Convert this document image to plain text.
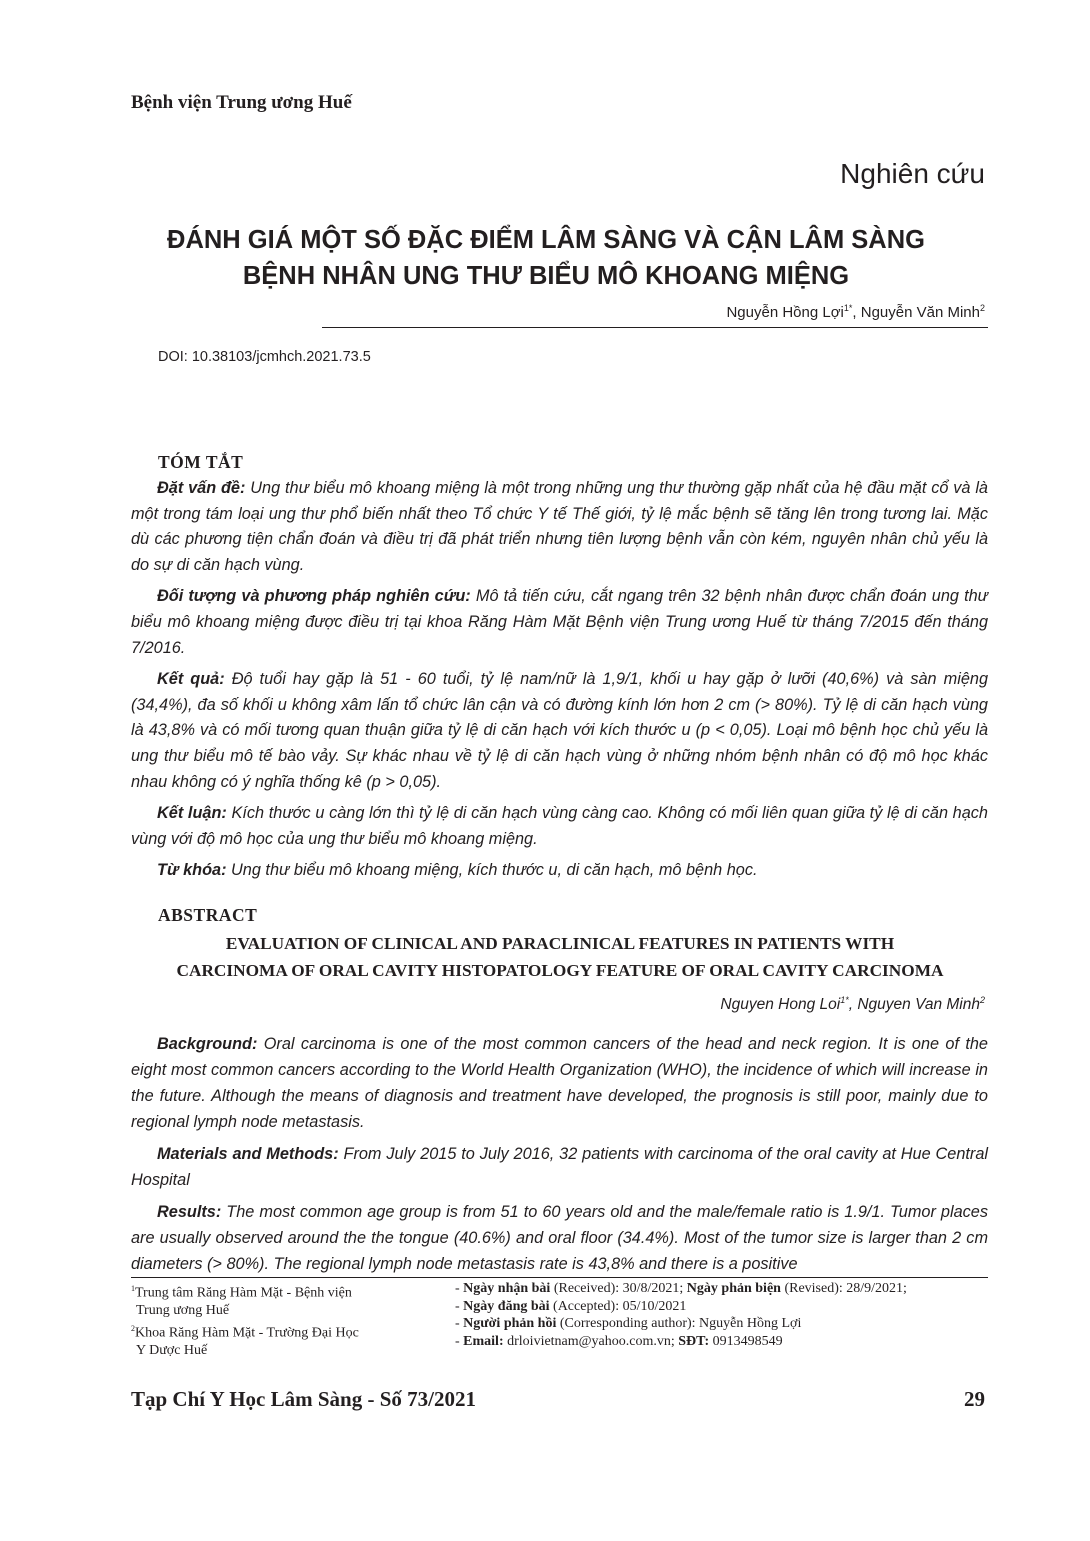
Bệnh viện Trung ương Huế
Nghiên cứu
ĐÁNH GIÁ MỘT SỐ ĐẶC ĐIỂM LÂM SÀNG VÀ CẬN LÂM SÀNG
BỆNH NHÂN UNG THƯ BIỂU MÔ KHOANG MIỆNG
Nguyễn Hồng Lợi$^{1*}$, Nguyễn Văn Minh$^2$
DOI: 10.38103/jcmhch.2021.73.5
TÓM TẮT

Đặt vấn đề: Ung thư biểu mô khoang miệng là một trong những ung thư thường gặp nhất của hệ đầu mặt cổ và là một trong tám loại ung thư phổ biến nhất theo Tổ chức Y tế Thế giới, tỷ lệ mắc bệnh sẽ tăng lên trong tương lai. Mặc dù các phương tiện chẩn đoán và điều trị đã phát triển nhưng tiên lượng bệnh vẫn còn kém, nguyên nhân chủ yếu là do sự di căn hạch vùng.

Đối tượng và phương pháp nghiên cứu: Mô tả tiến cứu, cắt ngang trên 32 bệnh nhân được chẩn đoán ung thư biểu mô khoang miệng được điều trị tại khoa Răng Hàm Mặt Bệnh viện Trung ương Huế từ tháng 7/2015 đến tháng 7/2016.

Kết quả: Độ tuổi hay gặp là 51 - 60 tuổi, tỷ lệ nam/nữ là 1,9/1, khối u hay gặp ở lưỡi (40,6%) và sàn miệng (34,4%), đa số khối u không xâm lấn tổ chức lân cận và có đường kính lớn hơn 2 cm (> 80%). Tỷ lệ di căn hạch vùng là 43,8% và có mối tương quan thuận giữa tỷ lệ di căn hạch với kích thước u (p < 0,05). Loại mô bệnh học chủ yếu là ung thư biểu mô tế bào vảy. Sự khác nhau về tỷ lệ di căn hạch vùng ở những nhóm bệnh nhân có độ mô học khác nhau không có ý nghĩa thống kê (p > 0,05).

Kết luận: Kích thước u càng lớn thì tỷ lệ di căn hạch vùng càng cao. Không có mối liên quan giữa tỷ lệ di căn hạch vùng với độ mô học của ung thư biểu mô khoang miệng.

Từ khóa: Ung thư biểu mô khoang miệng, kích thước u, di căn hạch, mô bệnh học.

ABSTRACT
EVALUATION OF CLINICAL AND PARACLINICAL FEATURES IN PATIENTS WITH
CARCINOMA OF ORAL CAVITY HISTOPATOLOGY FEATURE OF ORAL CAVITY CARCINOMA
Nguyen Hong Loi$^{1*}$, Nguyen Van Minh$^2$

Background: Oral carcinoma is one of the most common cancers of the head and neck region. It is one of the eight most common cancers according to the World Health Organization (WHO), the incidence of which will increase in the future. Although the means of diagnosis and treatment have developed, the prognosis is still poor, mainly due to regional lymph node metastasis.

Materials and Methods: From July 2015 to July 2016, 32 patients with carcinoma of the oral cavity at Hue Central Hospital

Results: The most common age group is from 51 to 60 years old and the male/female ratio is 1.9/1. Tumor places are usually observed around the the tongue (40.6%) and oral floor (34.4%). Most of the tumor size is larger than 2 cm diameters (> 80%). The regional lymph node metastasis rate is 43,8% and there is a positive

$^1$Trung tâm Răng Hàm Mặt - Bệnh viện
Trung ương Huế
$^2$Khoa Răng Hàm Mặt - Trường Đại Học
Y Dược Huế
- Ngày nhận bài (Received): 30/8/2021; Ngày phản biện (Revised): 28/9/2021;
- Ngày đăng bài (Accepted): 05/10/2021
- Người phản hồi (Corresponding author): Nguyễn Hồng Lợi
- Email: drloivietnam@yahoo.com.vn; SĐT: 0913498549
Tạp Chí Y Học Lâm Sàng - Số 73/2021	29
